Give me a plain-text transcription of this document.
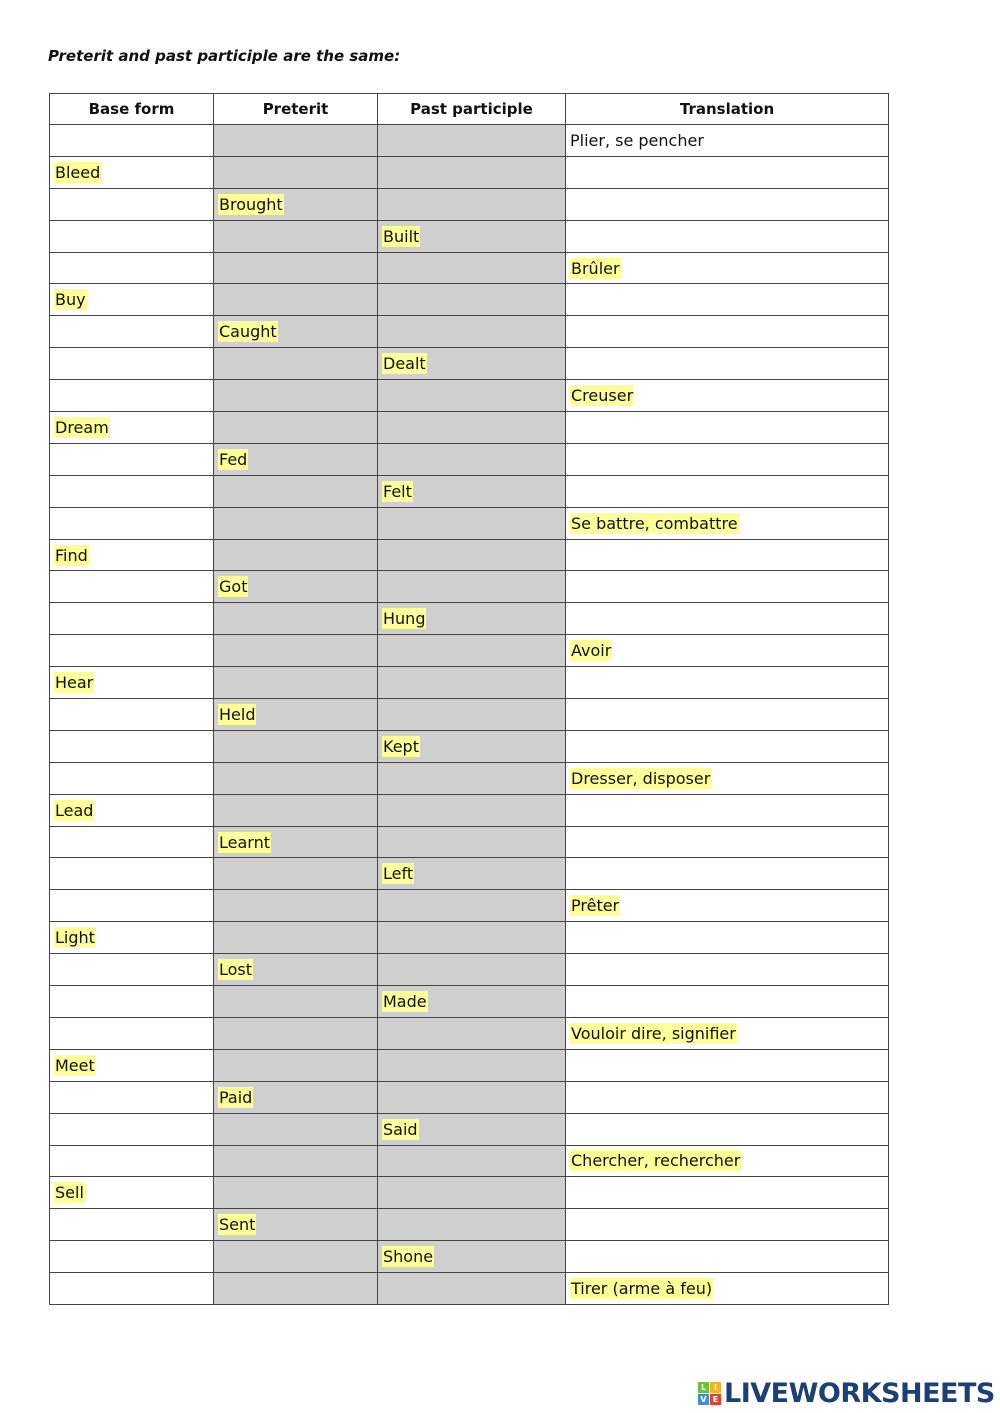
Preterit and past participle are the same:
Base form	Preterit	Past participle	Translation
			Plier, se pencher
Bleed			
	Brought		
		Built	
			Brûler
Buy			
	Caught		
		Dealt	
			Creuser
Dream			
	Fed		
		Felt	
			Se battre, combattre
Find			
	Got		
		Hung	
			Avoir
Hear			
	Held		
		Kept	
			Dresser, disposer
Lead			
	Learnt		
		Left	
			Prêter
Light			
	Lost		
		Made	
			Vouloir dire, signifier
Meet			
	Paid		
		Said	
			Chercher, rechercher
Sell			
	Sent		
		Shone	
			Tirer (arme à feu)
L I
V E LIVEWORKSHEETS
